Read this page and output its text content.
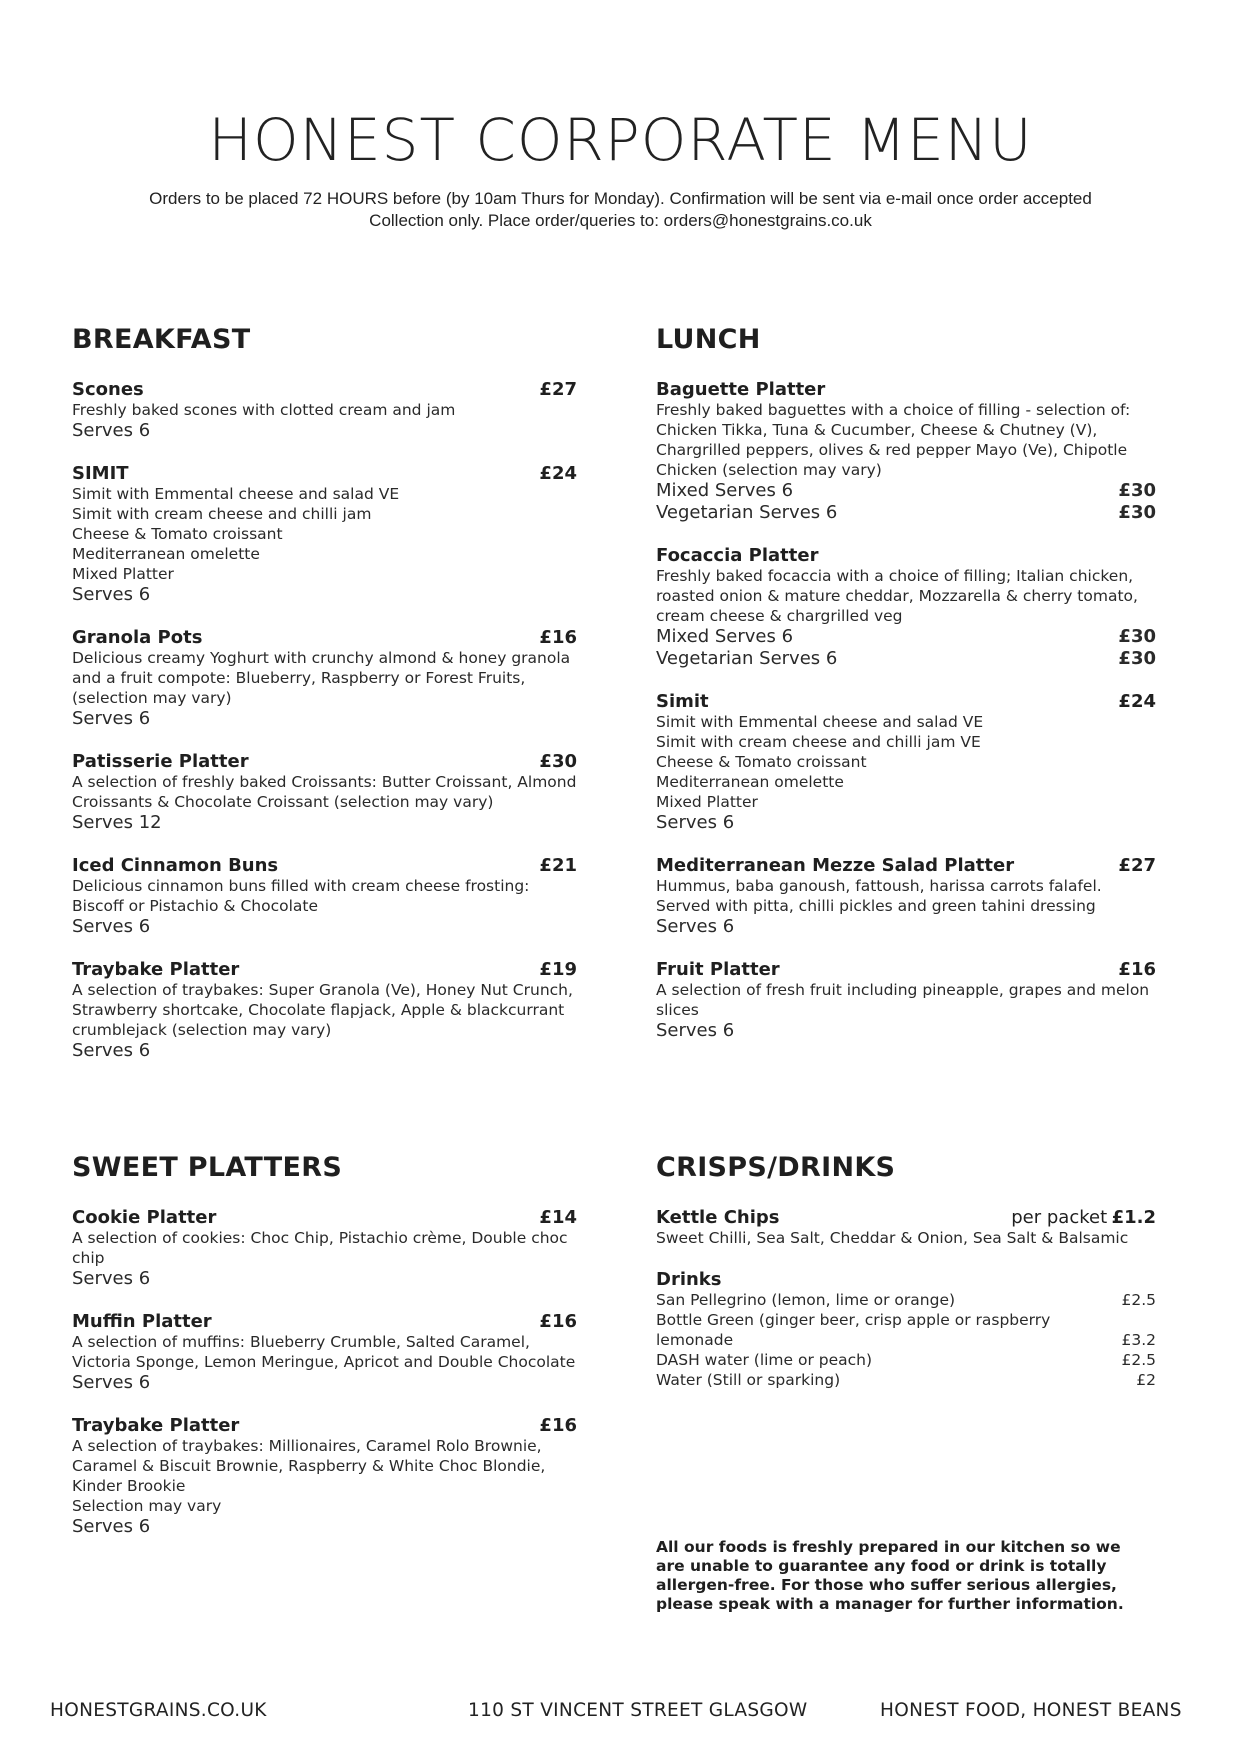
HONEST CORPORATE MENU
Orders to be placed 72 HOURS before (by 10am Thurs for Monday). Confirmation will be sent via e-mail once order accepted
Collection only. Place order/queries to: orders@honestgrains.co.uk
BREAKFAST
Scones	£27
Freshly baked scones with clotted cream and jam
Serves 6
SIMIT	£24
Simit with Emmental cheese and salad VE
Simit with cream cheese and chilli jam
Cheese & Tomato croissant
Mediterranean omelette
Mixed Platter
Serves 6
Granola Pots	£16
Delicious creamy Yoghurt with crunchy almond & honey granola and a fruit compote: Blueberry, Raspberry or Forest Fruits, (selection may vary)
Serves 6
Patisserie Platter	£30
A selection of freshly baked Croissants: Butter Croissant, Almond Croissants & Chocolate Croissant (selection may vary)
Serves 12
Iced Cinnamon Buns	£21
Delicious cinnamon buns filled with cream cheese frosting: Biscoff or Pistachio & Chocolate
Serves 6
Traybake Platter	£19
A selection of traybakes: Super Granola (Ve), Honey Nut Crunch, Strawberry shortcake, Chocolate flapjack, Apple & blackcurrant crumblejack (selection may vary)
Serves 6
LUNCH
Baguette Platter
Freshly baked baguettes with a choice of filling - selection of: Chicken Tikka, Tuna & Cucumber, Cheese & Chutney (V), Chargrilled peppers, olives & red pepper Mayo (Ve), Chipotle Chicken (selection may vary)
Mixed Serves 6	£30
Vegetarian Serves 6	£30
Focaccia Platter
Freshly baked focaccia with a choice of filling; Italian chicken, roasted onion & mature cheddar, Mozzarella & cherry tomato, cream cheese & chargrilled veg
Mixed Serves 6	£30
Vegetarian Serves 6	£30
Simit	£24
Simit with Emmental cheese and salad VE
Simit with cream cheese and chilli jam VE
Cheese & Tomato croissant
Mediterranean omelette
Mixed Platter
Serves 6
Mediterranean Mezze Salad Platter	£27
Hummus, baba ganoush, fattoush, harissa carrots falafel. Served with pitta, chilli pickles and green tahini dressing
Serves 6
Fruit Platter	£16
A selection of fresh fruit including pineapple, grapes and melon slices
Serves 6
SWEET PLATTERS
Cookie Platter	£14
A selection of cookies: Choc Chip, Pistachio crème, Double choc chip
Serves 6
Muffin Platter	£16
A selection of muffins: Blueberry Crumble, Salted Caramel, Victoria Sponge, Lemon Meringue, Apricot and Double Chocolate
Serves 6
Traybake Platter	£16
A selection of traybakes: Millionaires, Caramel Rolo Brownie, Caramel & Biscuit Brownie, Raspberry & White Choc Blondie, Kinder Brookie
Selection may vary
Serves 6
CRISPS/DRINKS
Kettle Chips	per packet £1.2
Sweet Chilli, Sea Salt, Cheddar & Onion, Sea Salt & Balsamic
Drinks
San Pellegrino (lemon, lime or orange)	£2.5
Bottle Green (ginger beer, crisp apple or raspberry
lemonade	£3.2
DASH water (lime or peach)	£2.5
Water (Still or sparking)	£2
All our foods is freshly prepared in our kitchen so we are unable to guarantee any food or drink is totally allergen-free. For those who suffer serious allergies, please speak with a manager for further information.
HONESTGRAINS.CO.UK	110 ST VINCENT STREET GLASGOW	HONEST FOOD, HONEST BEANS
